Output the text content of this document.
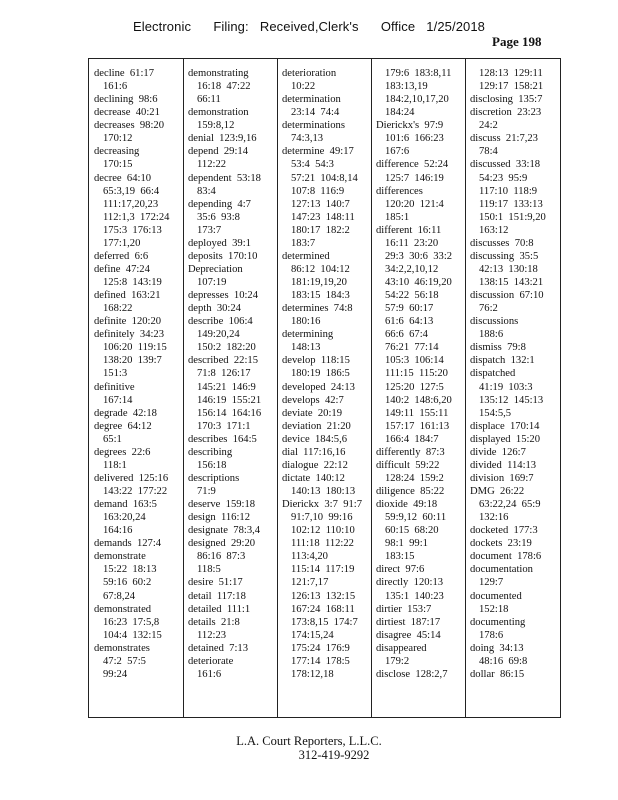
Electronic      Filing:   Received,Clerk's      Office   1/25/2018
Page 198
decline  61:17
161:6
declining  98:6
decrease  40:21
decreases  98:20
170:12
decreasing
170:15
decree  64:10
65:3,19  66:4
111:17,20,23
112:1,3  172:24
175:3  176:13
177:1,20
deferred  6:6
define  47:24
125:8  143:19
defined  163:21
168:22
definite  120:20
definitely  34:23
106:20  119:15
138:20  139:7
151:3
definitive
167:14
degrade  42:18
degree  64:12
65:1
degrees  22:6
118:1
delivered  125:16
143:22  177:22
demand  163:5
163:20,24
164:16
demands  127:4
demonstrate
15:22  18:13
59:16  60:2
67:8,24
demonstrated
16:23  17:5,8
104:4  132:15
demonstrates
47:2  57:5
99:24
demonstrating
16:18  47:22
66:11
demonstration
159:8,12
denial  123:9,16
depend  29:14
112:22
dependent  53:18
83:4
depending  4:7
35:6  93:8
173:7
deployed  39:1
deposits  170:10
Depreciation
107:19
depresses  10:24
depth  30:24
describe  106:4
149:20,24
150:2  182:20
described  22:15
71:8  126:17
145:21  146:9
146:19  155:21
156:14  164:16
170:3  171:1
describes  164:5
describing
156:18
descriptions
71:9
deserve  159:18
design  116:12
designate  78:3,4
designed  29:20
86:16  87:3
118:5
desire  51:17
detail  117:18
detailed  111:1
details  21:8
112:23
detained  7:13
deteriorate
161:6
deterioration
10:22
determination
23:14  74:4
determinations
74:3,13
determine  49:17
53:4  54:3
57:21  104:8,14
107:8  116:9
127:13  140:7
147:23  148:11
180:17  182:2
183:7
determined
86:12  104:12
181:19,19,20
183:15  184:3
determines  74:8
180:16
determining
148:13
develop  118:15
180:19  186:5
developed  24:13
develops  42:7
deviate  20:19
deviation  21:20
device  184:5,6
dial  117:16,16
dialogue  22:12
dictate  140:12
140:13  180:13
Dierickx  3:7  91:7
91:7,10  99:16
102:12  110:10
111:18  112:22
113:4,20
115:14  117:19
121:7,17
126:13  132:15
167:24  168:11
173:8,15  174:7
174:15,24
175:24  176:9
177:14  178:5
178:12,18
179:6  183:8,11
183:13,19
184:2,10,17,20
184:24
Dierickx's  97:9
101:6  166:23
167:6
difference  52:24
125:7  146:19
differences
120:20  121:4
185:1
different  16:11
16:11  23:20
29:3  30:6  33:2
34:2,2,10,12
43:10  46:19,20
54:22  56:18
57:9  60:17
61:6  64:13
66:6  67:4
76:21  77:14
105:3  106:14
111:15  115:20
125:20  127:5
140:2  148:6,20
149:11  155:11
157:17  161:13
166:4  184:7
differently  87:3
difficult  59:22
128:24  159:2
diligence  85:22
dioxide  49:18
59:9,12  60:11
60:15  68:20
98:1  99:1
183:15
direct  97:6
directly  120:13
135:1  140:23
dirtier  153:7
dirtiest  187:17
disagree  45:14
disappeared
179:2
disclose  128:2,7
128:13  129:11
129:17  158:21
disclosing  135:7
discretion  23:23
24:2
discuss  21:7,23
78:4
discussed  33:18
54:23  95:9
117:10  118:9
119:17  133:13
150:1  151:9,20
163:12
discusses  70:8
discussing  35:5
42:13  130:18
138:15  143:21
discussion  67:10
76:2
discussions
188:6
dismiss  79:8
dispatch  132:1
dispatched
41:19  103:3
135:12  145:13
154:5,5
displace  170:14
displayed  15:20
divide  126:7
divided  114:13
division  169:7
DMG  26:22
63:22,24  65:9
132:16
docketed  177:3
dockets  23:19
document  178:6
documentation
129:7
documented
152:18
documenting
178:6
doing  34:13
48:16  69:8
dollar  86:15
L.A. Court Reporters, L.L.C.
312-419-9292
